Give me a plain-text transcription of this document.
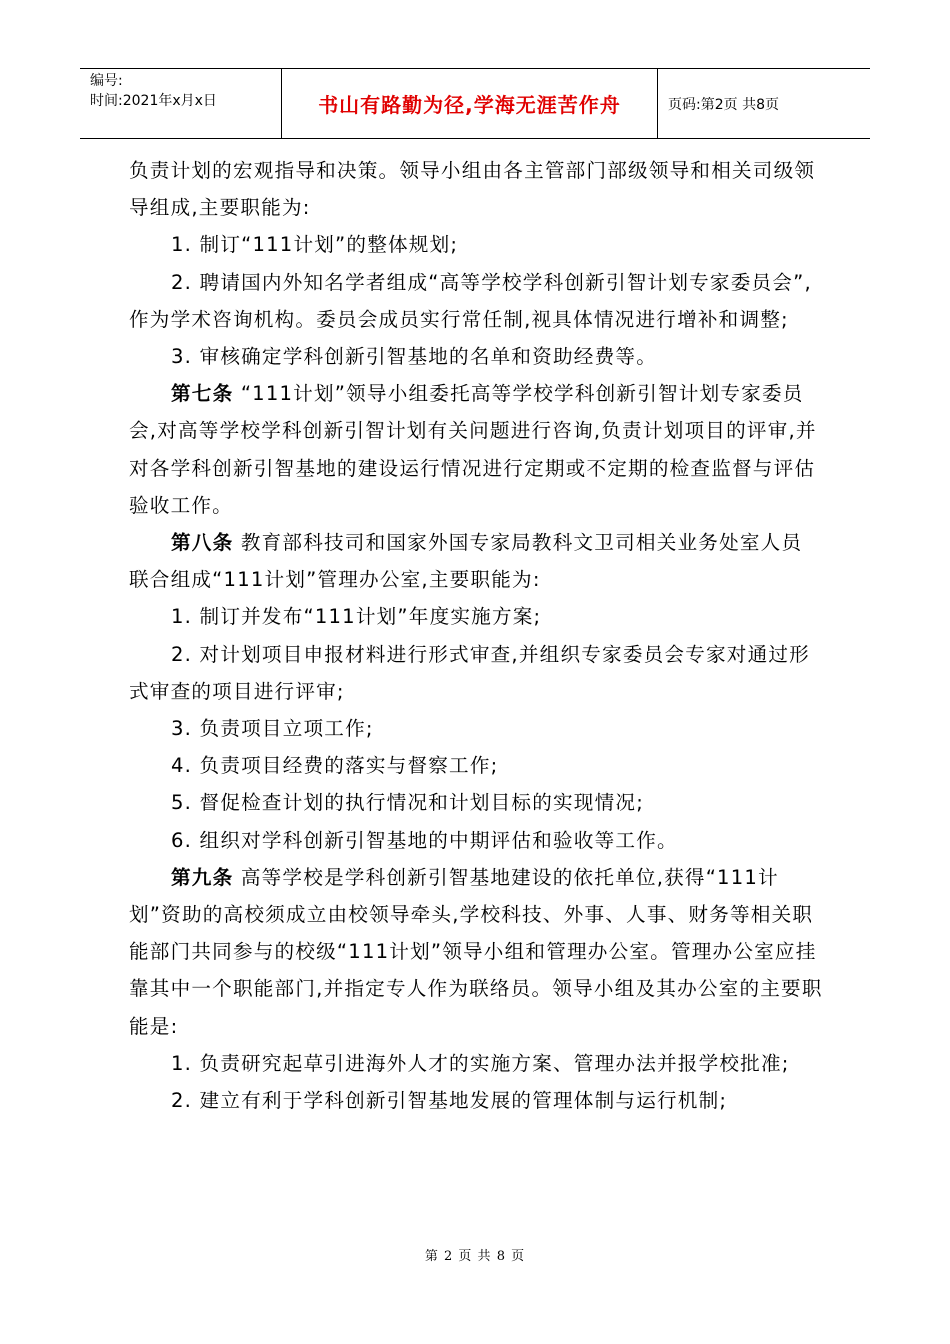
编号:
时间:2021年x月x日	书山有路勤为径,学海无涯苦作舟	页码:第2页 共8页

负责计划的宏观指导和决策。领导小组由各主管部门部级领导和相关司级领导组成,主要职能为:

1. 制订“111计划”的整体规划;

2. 聘请国内外知名学者组成“高等学校学科创新引智计划专家委员会”,作为学术咨询机构。委员会成员实行常任制,视具体情况进行增补和调整;

3. 审核确定学科创新引智基地的名单和资助经费等。

第七条 “111计划”领导小组委托高等学校学科创新引智计划专家委员会,对高等学校学科创新引智计划有关问题进行咨询,负责计划项目的评审,并对各学科创新引智基地的建设运行情况进行定期或不定期的检查监督与评估验收工作。

第八条 教育部科技司和国家外国专家局教科文卫司相关业务处室人员联合组成“111计划”管理办公室,主要职能为:

1. 制订并发布“111计划”年度实施方案;

2. 对计划项目申报材料进行形式审查,并组织专家委员会专家对通过形式审查的项目进行评审;

3. 负责项目立项工作;

4. 负责项目经费的落实与督察工作;

5. 督促检查计划的执行情况和计划目标的实现情况;

6. 组织对学科创新引智基地的中期评估和验收等工作。

第九条 高等学校是学科创新引智基地建设的依托单位,获得“111计划”资助的高校须成立由校领导牵头,学校科技、外事、人事、财务等相关职能部门共同参与的校级“111计划”领导小组和管理办公室。管理办公室应挂靠其中一个职能部门,并指定专人作为联络员。领导小组及其办公室的主要职能是:

1. 负责研究起草引进海外人才的实施方案、管理办法并报学校批准;

2. 建立有利于学科创新引智基地发展的管理体制与运行机制;

第 2 页 共 8 页
